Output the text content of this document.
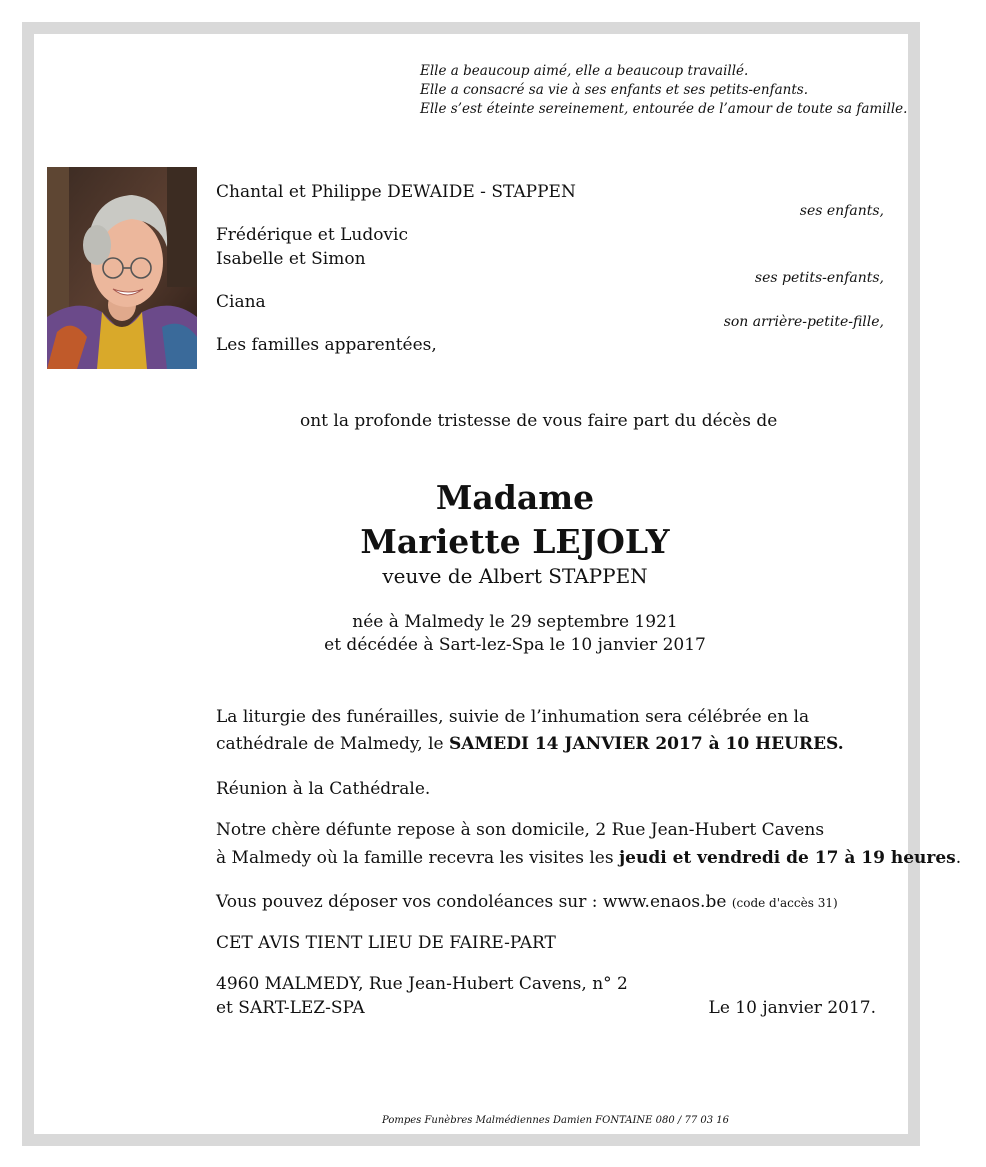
Elle a beaucoup aimé, elle a beaucoup travaillé.
Elle a consacré sa vie à ses enfants et ses petits-enfants.
Elle s’est éteinte sereinement, entourée de l’amour de toute sa famille.
Chantal et Philippe DEWAIDE - STAPPEN
ses enfants,
Frédérique et Ludovic
Isabelle et Simon
ses petits-enfants,
Ciana
son arrière-petite-fille,
Les familles apparentées,
ont la profonde tristesse de vous faire part du décès de
Madame
Mariette LEJOLY
veuve de Albert STAPPEN
née à Malmedy le 29 septembre 1921
et décédée à Sart-lez-Spa le 10 janvier 2017
La liturgie des funérailles, suivie de l’inhumation sera célébrée en la
cathédrale de Malmedy, le SAMEDI 14 JANVIER 2017 à 10 HEURES.
Réunion à la Cathédrale.
Notre chère défunte repose à son domicile, 2 Rue Jean-Hubert Cavens
à Malmedy où la famille recevra les visites les jeudi et vendredi de 17 à 19 heures.
Vous pouvez déposer vos condoléances sur : www.enaos.be (code d'accès 31)
CET AVIS TIENT LIEU DE FAIRE-PART
4960 MALMEDY, Rue Jean-Hubert Cavens, n° 2
et SART-LEZ-SPA	Le 10 janvier 2017.
Pompes Funèbres Malmédiennes Damien FONTAINE 080 / 77 03 16
